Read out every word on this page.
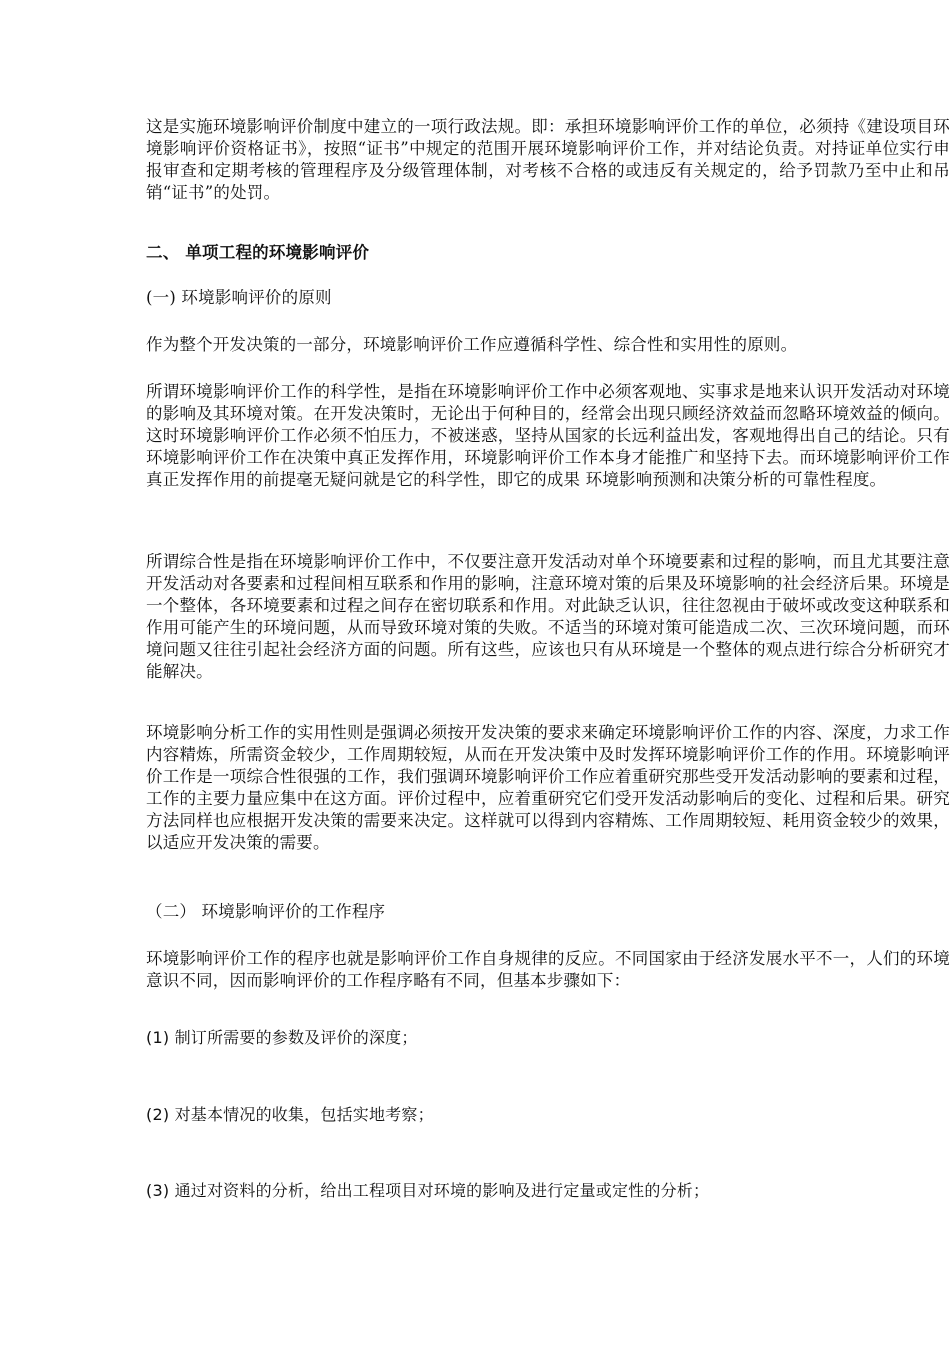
这是实施环境影响评价制度中建立的一项行政法规。即：承担环境影响评价工作的单位，必须持《建设项目环境影响评价资格证书》，按照“证书”中规定的范围开展环境影响评价工作，并对结论负责。对持证单位实行申报审查和定期考核的管理程序及分级管理体制，对考核不合格的或违反有关规定的，给予罚款乃至中止和吊销“证书”的处罚。

二、 单项工程的环境影响评价

(一) 环境影响评价的原则

作为整个开发决策的一部分，环境影响评价工作应遵循科学性、综合性和实用性的原则。

所谓环境影响评价工作的科学性，是指在环境影响评价工作中必须客观地、实事求是地来认识开发活动对环境的影响及其环境对策。在开发决策时，无论出于何种目的，经常会出现只顾经济效益而忽略环境效益的倾向。这时环境影响评价工作必须不怕压力，不被迷惑，坚持从国家的长远利益出发，客观地得出自己的结论。只有环境影响评价工作在决策中真正发挥作用，环境影响评价工作本身才能推广和坚持下去。而环境影响评价工作真正发挥作用的前提毫无疑问就是它的科学性，即它的成果 环境影响预测和决策分析的可靠性程度。

所谓综合性是指在环境影响评价工作中，不仅要注意开发活动对单个环境要素和过程的影响，而且尤其要注意开发活动对各要素和过程间相互联系和作用的影响，注意环境对策的后果及环境影响的社会经济后果。环境是一个整体，各环境要素和过程之间存在密切联系和作用。对此缺乏认识，往往忽视由于破坏或改变这种联系和作用可能产生的环境问题，从而导致环境对策的失败。不适当的环境对策可能造成二次、三次环境问题，而环境问题又往往引起社会经济方面的问题。所有这些，应该也只有从环境是一个整体的观点进行综合分析研究才能解决。

环境影响分析工作的实用性则是强调必须按开发决策的要求来确定环境影响评价工作的内容、深度，力求工作内容精炼，所需资金较少，工作周期较短，从而在开发决策中及时发挥环境影响评价工作的作用。环境影响评价工作是一项综合性很强的工作，我们强调环境影响评价工作应着重研究那些受开发活动影响的要素和过程，工作的主要力量应集中在这方面。评价过程中，应着重研究它们受开发活动影响后的变化、过程和后果。研究方法同样也应根据开发决策的需要来决定。这样就可以得到内容精炼、工作周期较短、耗用资金较少的效果，以适应开发决策的需要。

（二） 环境影响评价的工作程序

环境影响评价工作的程序也就是影响评价工作自身规律的反应。不同国家由于经济发展水平不一，人们的环境意识不同，因而影响评价的工作程序略有不同，但基本步骤如下：

(1) 制订所需要的参数及评价的深度；

(2) 对基本情况的收集，包括实地考察；

(3) 通过对资料的分析，给出工程项目对环境的影响及进行定量或定性的分析；
